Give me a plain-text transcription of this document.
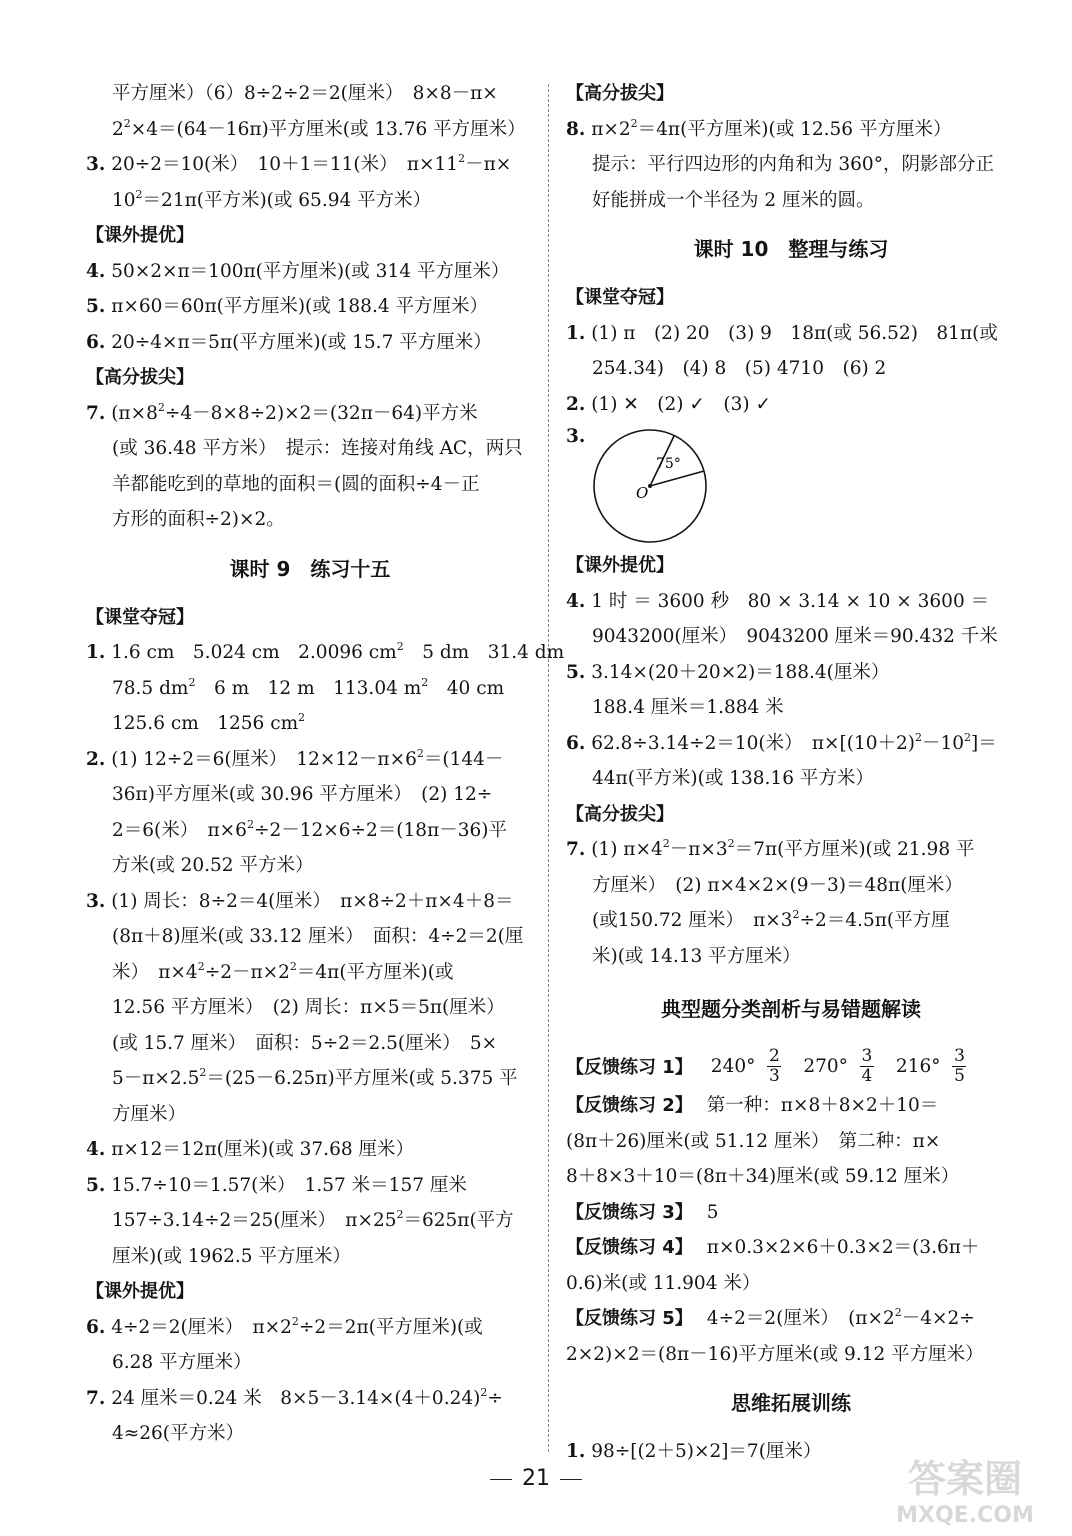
平方厘米）（6）8÷2÷2＝2(厘米）　8×8－π×
$2^2\times 4=(64-16\pi)$平方厘米(或 13.76 平方厘米）
3. 20÷2＝10(米）　10＋1＝11(米）　$\pi\times 11^2-\pi\times$
$10^2=21\pi$(平方米)(或 65.94 平方米）
【课外提优】
4. 50×2×π＝100π(平方厘米)(或 314 平方厘米）
5. π×60＝60π(平方厘米)(或 188.4 平方厘米）
6. 20÷4×π＝5π(平方厘米)(或 15.7 平方厘米）
【高分拔尖】
7. $(\pi\times 8^2\div 4-8\times 8\div 2)\times 2=(32\pi-64)$平方米
(或 36.48 平方米）　提示：连接对角线 AC，两只
羊都能吃到的草地的面积＝(圆的面积÷4－正
方形的面积÷2)×2。
课时 9　练习十五
【课堂夺冠】
1. 1.6 cm　5.024 cm　2.0096 $cm^2$　5 dm　31.4 dm
78.5 $dm^2$　6 m　12 m　113.04 $m^2$　40 cm
125.6 cm　1256 $cm^2$
2. (1) 12÷2＝6(厘米）　$12\times 12-\pi\times 6^2=(144-$
36π)平方厘米(或 30.96 平方厘米）　(2) 12÷
2＝6(米）　$\pi\times 6^2\div 2-12\times 6\div 2=(18\pi-36)$平
方米(或 20.52 平方米）
3. (1) 周长：8÷2＝4(厘米）　π×8÷2＋π×4＋8＝
(8π＋8)厘米(或 33.12 厘米）　面积：4÷2＝2(厘
米）　$\pi\times 4^2\div 2-\pi\times 2^2=4\pi$(平方厘米)(或
12.56 平方厘米）　(2) 周长：π×5＝5π(厘米）
(或 15.7 厘米）　面积：5÷2＝2.5(厘米）　5×
$5-\pi\times 2.5^2=(25-6.25\pi)$平方厘米(或 5.375 平
方厘米）
4. π×12＝12π(厘米)(或 37.68 厘米）
5. 15.7÷10＝1.57(米）　1.57 米＝157 厘米
157÷3.14÷2＝25(厘米）　$\pi\times 25^2=625\pi$(平方
厘米)(或 1962.5 平方厘米）
【课外提优】
6. 4÷2＝2(厘米）　$\pi\times 2^2\div 2=2\pi$(平方厘米)(或
6.28 平方厘米）
7. 24 厘米＝0.24 米　$8\times 5-3.14\times(4+0.24)^2\div$
4≈26(平方米）
【高分拔尖】
8. $\pi\times 2^2=4\pi$(平方厘米)(或 12.56 平方厘米）
提示：平行四边形的内角和为 360°，阴影部分正
好能拼成一个半径为 2 厘米的圆。
课时 10　整理与练习
【课堂夺冠】
1. (1) π　(2) 20　(3) 9　18π(或 56.52)　81π(或
254.34)　(4) 8　(5) 4710　(6) 2
2. (1) ✕　(2) ✓　(3) ✓
3.
75°
O
【课外提优】
4. 1 时 ＝ 3600 秒　80 × 3.14 × 10 × 3600 ＝
9043200(厘米）　9043200 厘米＝90.432 千米
5. 3.14×(20＋20×2)＝188.4(厘米）
188.4 厘米＝1.884 米
6. 62.8÷3.14÷2＝10(米）　$\pi\times[(10+2)^2-10^2]=$
44π(平方米)(或 138.16 平方米）
【高分拔尖】
7. (1) $\pi\times 4^2-\pi\times 3^2=7\pi$(平方厘米)(或 21.98 平
方厘米）　(2) π×4×2×(9－3)＝48π(厘米）
(或150.72 厘米）　$\pi\times 3^2\div 2=4.5\pi$(平方厘
米)(或 14.13 平方厘米）
典型题分类剖析与易错题解读
【反馈练习 1】 $240^\circ \frac{2}{3} 270^\circ \frac{3}{4} 216^\circ \frac{3}{5}$
【反馈练习 2】 第一种：π×8＋8×2＋10＝
(8π＋26)厘米(或 51.12 厘米）　第二种：π×
8＋8×3＋10＝(8π＋34)厘米(或 59.12 厘米）
【反馈练习 3】 5
【反馈练习 4】 π×0.3×2×6＋0.3×2＝(3.6π＋
0.6)米(或 11.904 米）
【反馈练习 5】 4÷2＝2(厘米）　($\pi\times 2^2-4\times 2\div$
2×2)×2＝(8π－16)平方厘米(或 9.12 平方厘米）
思维拓展训练
1. 98÷[(2＋5)×2]＝7(厘米）
21	答案圈
MXQE.COM
